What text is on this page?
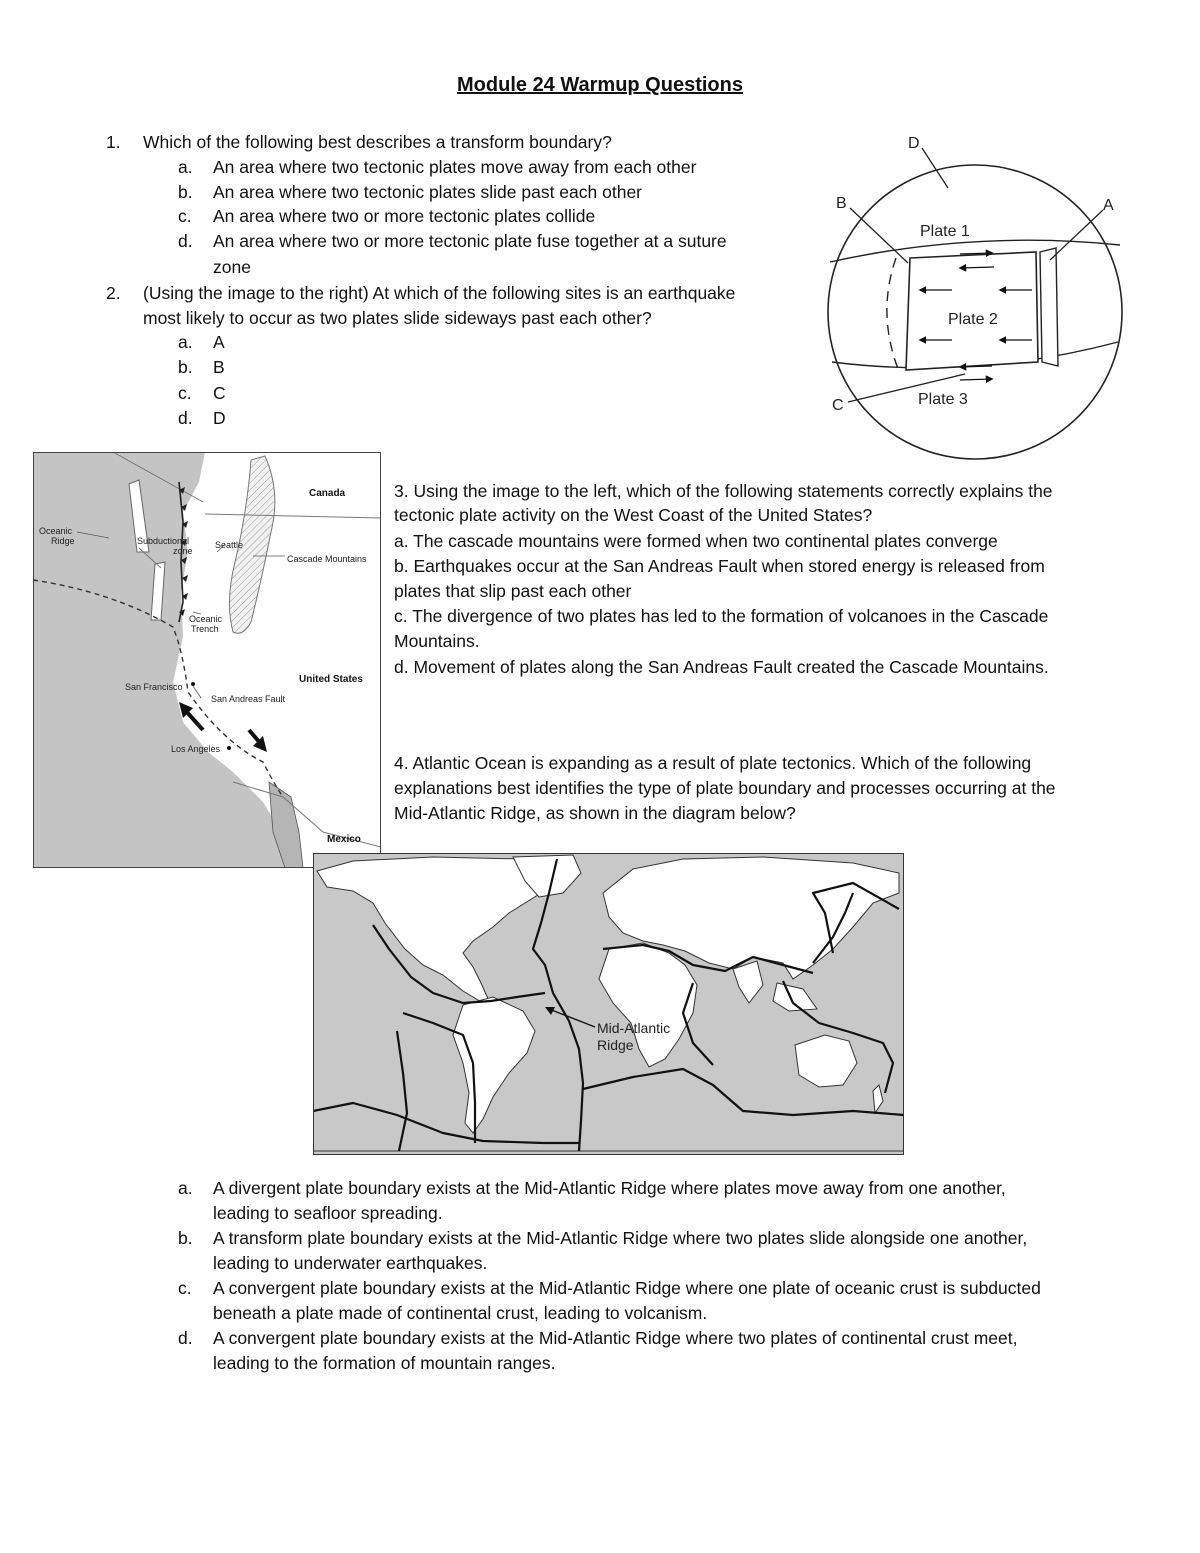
Module 24 Warmup Questions
1. Which of the following best describes a transform boundary?
a. An area where two tectonic plates move away from each other
b. An area where two tectonic plates slide past each other
c. An area where two or more tectonic plates collide
d. An area where two or more tectonic plate fuse together at a suture
zone
2. (Using the image to the right) At which of the following sites is an earthquake
most likely to occur as two plates slide sideways past each other?
a. A
b. B
c. C
d. D
D
B	A
C
Plate 1
Plate 2
Plate 3
Canada
Oceanic
Ridge	Subductional
zone
Seattle
Cascade Mountains
Oceanic
Trench
United States
San Francisco
San Andreas Fault
Los Angeles
Mexico
3. Using the image to the left, which of the following statements correctly explains the
tectonic plate activity on the West Coast of the United States?
a. The cascade mountains were formed when two continental plates converge
b. Earthquakes occur at the San Andreas Fault when stored energy is released from
plates that slip past each other
c. The divergence of two plates has led to the formation of volcanoes in the Cascade
Mountains.
d. Movement of plates along the San Andreas Fault created the Cascade Mountains.
4. Atlantic Ocean is expanding as a result of plate tectonics. Which of the following
explanations best identifies the type of plate boundary and processes occurring at the
Mid-Atlantic Ridge, as shown in the diagram below?
Mid-Atlantic
Ridge
a. A divergent plate boundary exists at the Mid-Atlantic Ridge where plates move away from one another,
leading to seafloor spreading.
b. A transform plate boundary exists at the Mid-Atlantic Ridge where two plates slide alongside one another,
leading to underwater earthquakes.
c. A convergent plate boundary exists at the Mid-Atlantic Ridge where one plate of oceanic crust is subducted
beneath a plate made of continental crust, leading to volcanism.
d. A convergent plate boundary exists at the Mid-Atlantic Ridge where two plates of continental crust meet,
leading to the formation of mountain ranges.
